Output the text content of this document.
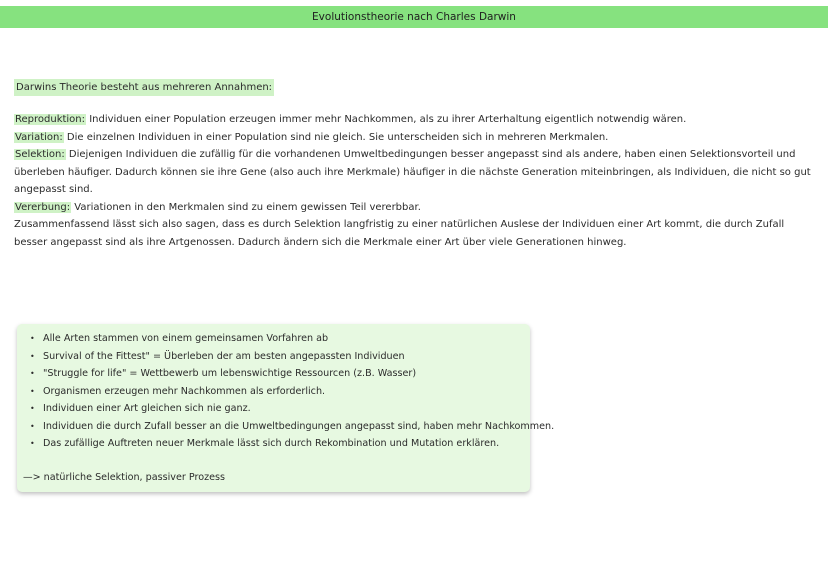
Evolutionstheorie nach Charles Darwin
Darwins Theorie besteht aus mehreren Annahmen:

Reproduktion: Individuen einer Population erzeugen immer mehr Nachkommen, als zu ihrer Arterhaltung eigentlich notwendig wären.

Variation: Die einzelnen Individuen in einer Population sind nie gleich. Sie unterscheiden sich in mehreren Merkmalen.

Selektion: Diejenigen Individuen die zufällig für die vorhandenen Umweltbedingungen besser angepasst sind als andere, haben einen Selektionsvorteil und überleben häufiger. Dadurch können sie ihre Gene (also auch ihre Merkmale) häufiger in die nächste Generation miteinbringen, als Individuen, die nicht so gut angepasst sind.

Vererbung: Variationen in den Merkmalen sind zu einem gewissen Teil vererbbar.

Zusammenfassend lässt sich also sagen, dass es durch Selektion langfristig zu einer natürlichen Auslese der Individuen einer Art kommt, die durch Zufall besser angepasst sind als ihre Artgenossen. Dadurch ändern sich die Merkmale einer Art über viele Generationen hinweg.

• Alle Arten stammen von einem gemeinsamen Vorfahren ab
• Survival of the Fittest" = Überleben der am besten angepassten Individuen
• "Struggle for life" = Wettbewerb um lebenswichtige Ressourcen (z.B. Wasser)
• Organismen erzeugen mehr Nachkommen als erforderlich.
• Individuen einer Art gleichen sich nie ganz.
• Individuen die durch Zufall besser an die Umweltbedingungen angepasst sind, haben mehr Nachkommen.
• Das zufällige Auftreten neuer Merkmale lässt sich durch Rekombination und Mutation erklären.
—> natürliche Selektion, passiver Prozess
